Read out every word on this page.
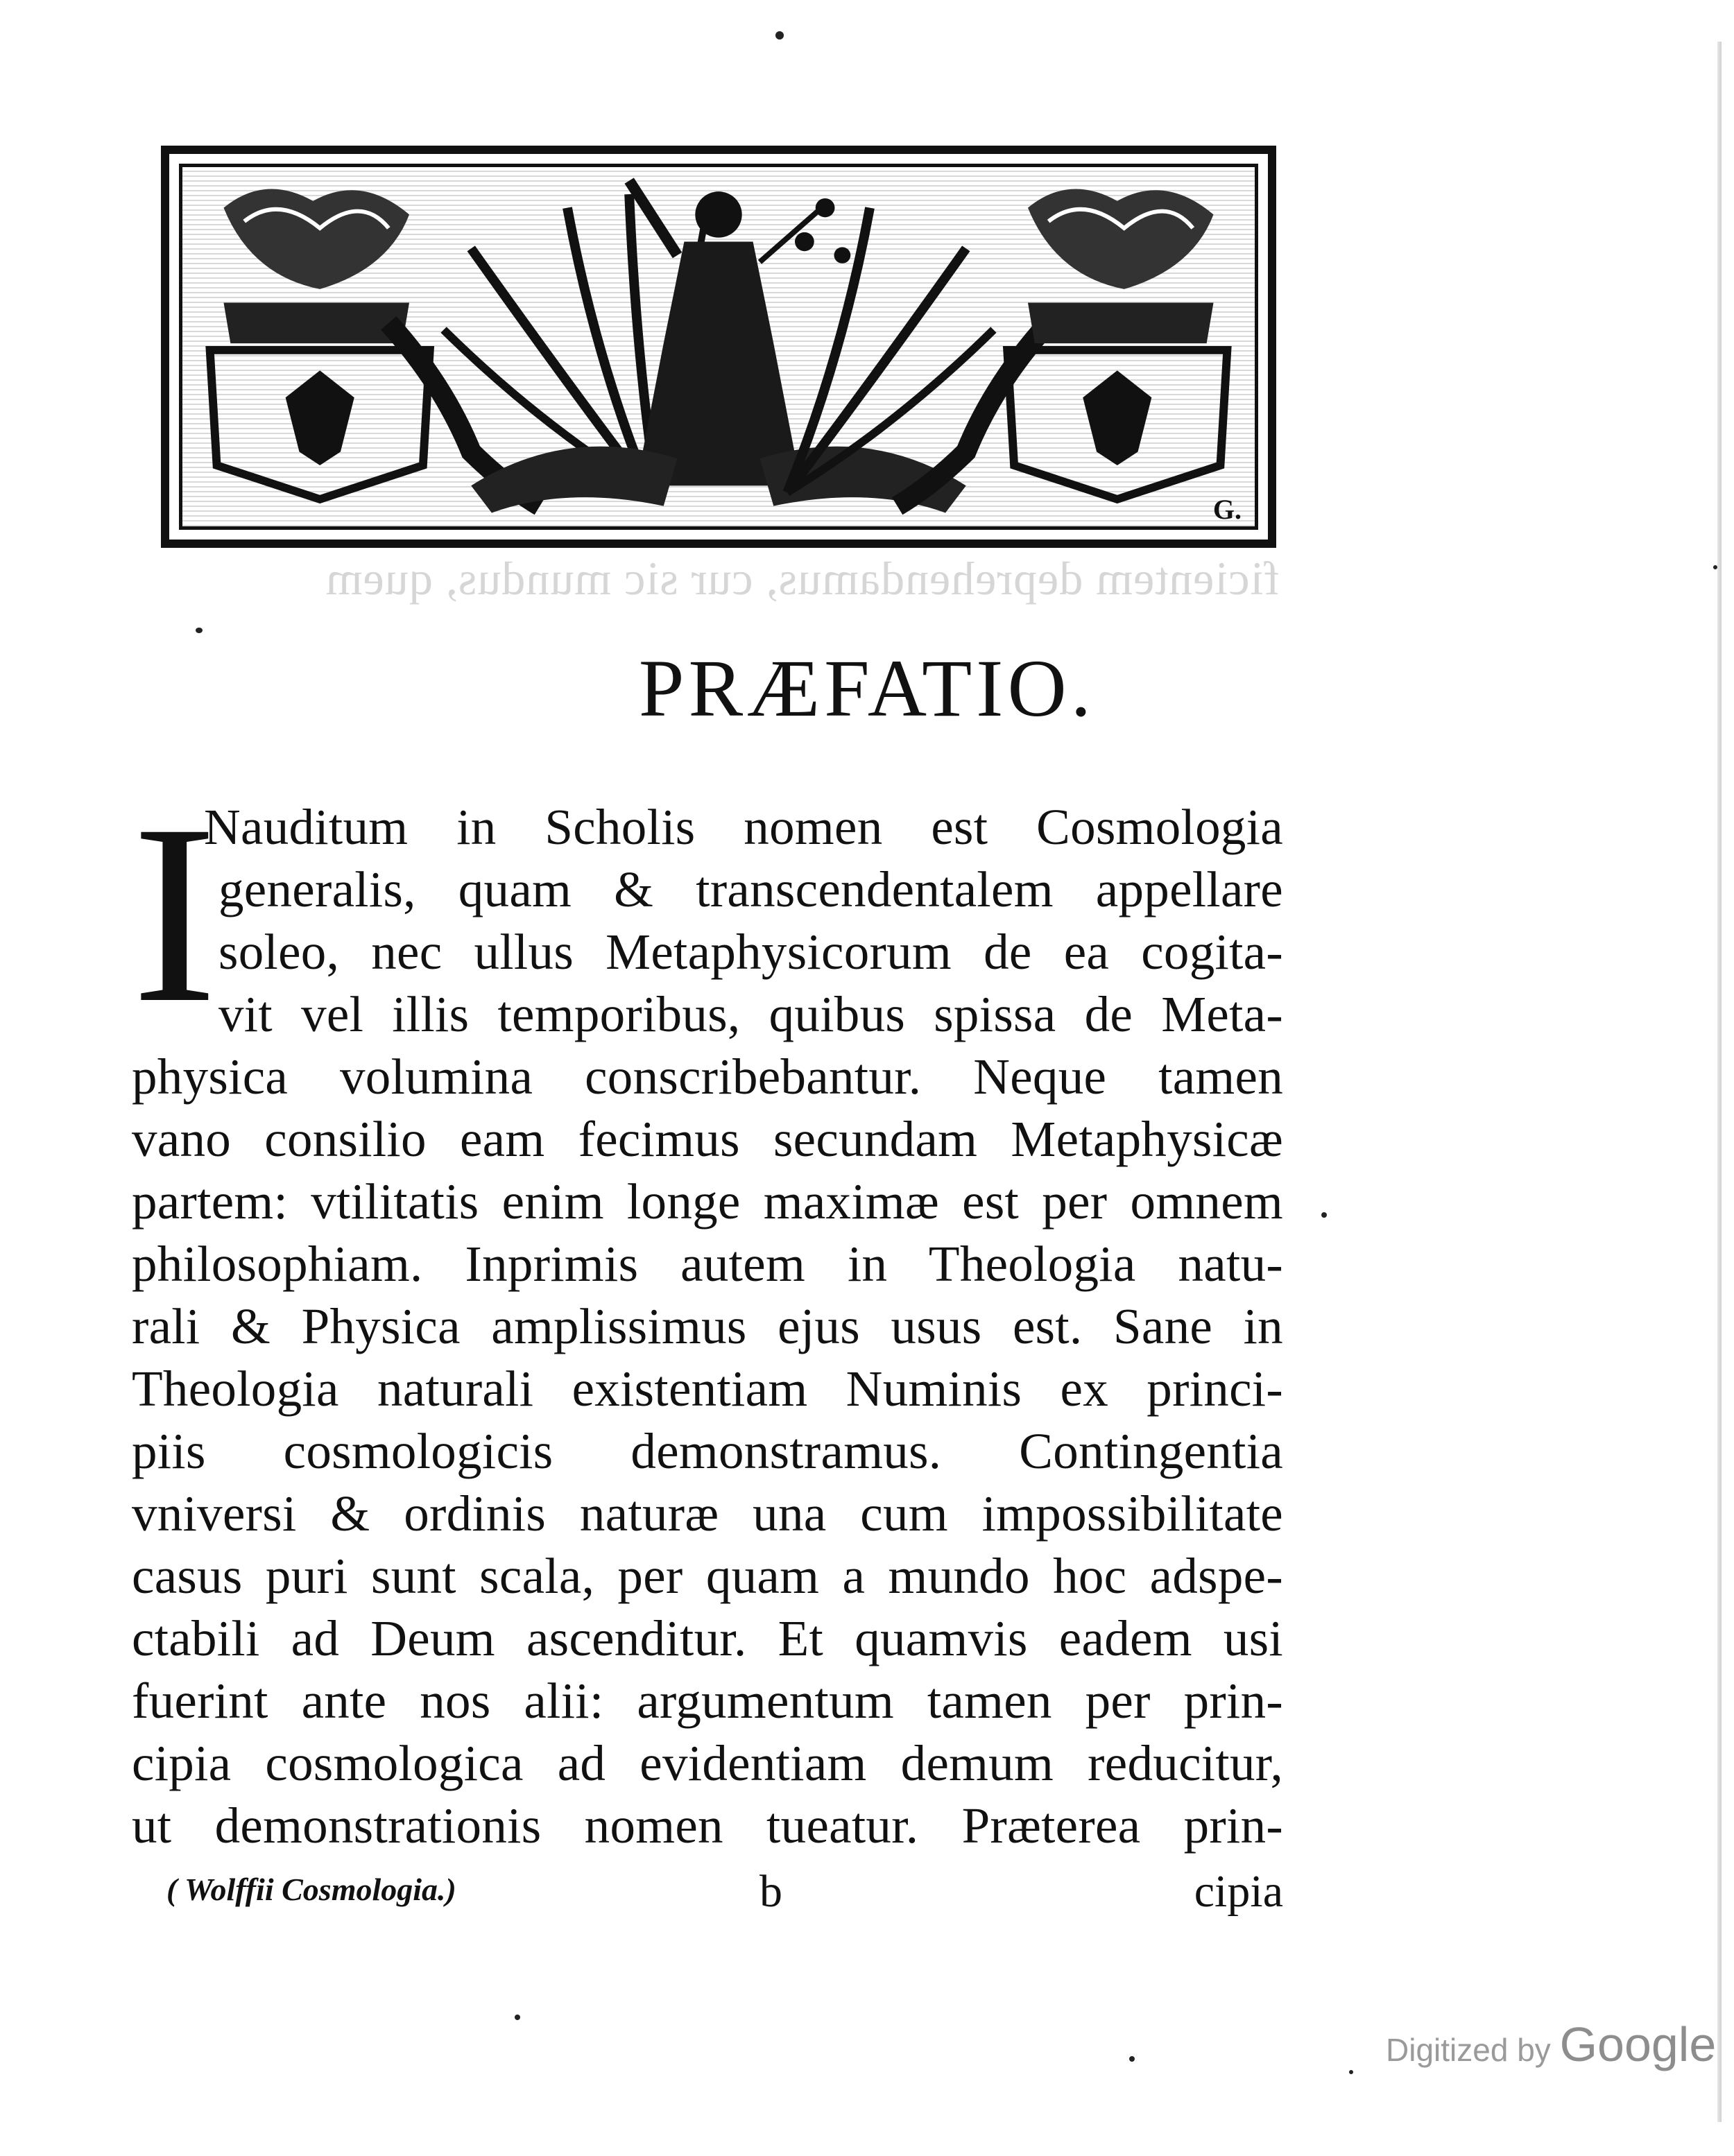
G.
ficientem deprehendamus, cur sic mundus, quem
PRÆFATIO.
I
Nauditum in Scholis nomen est Cosmologia
generalis, quam & transcendentalem appellare
soleo, nec ullus Metaphysicorum de ea cogita-
vit vel illis temporibus, quibus spissa de Meta-
physica volumina conscribebantur. Neque tamen
vano consilio eam fecimus secundam Metaphysicæ
partem: vtilitatis enim longe maximæ est per omnem
philosophiam. Inprimis autem in Theologia natu-
rali & Physica amplissimus ejus usus est. Sane in
Theologia naturali existentiam Numinis ex princi-
piis cosmologicis demonstramus. Contingentia
vniversi & ordinis naturæ una cum impossibilitate
casus puri sunt scala, per quam a mundo hoc adspe-
ctabili ad Deum ascenditur. Et quamvis eadem usi
fuerint ante nos alii: argumentum tamen per prin-
cipia cosmologica ad evidentiam demum reducitur,
ut demonstrationis nomen tueatur. Præterea prin-
( Wolffii Cosmologia.)	b	cipia
Digitized by Google
